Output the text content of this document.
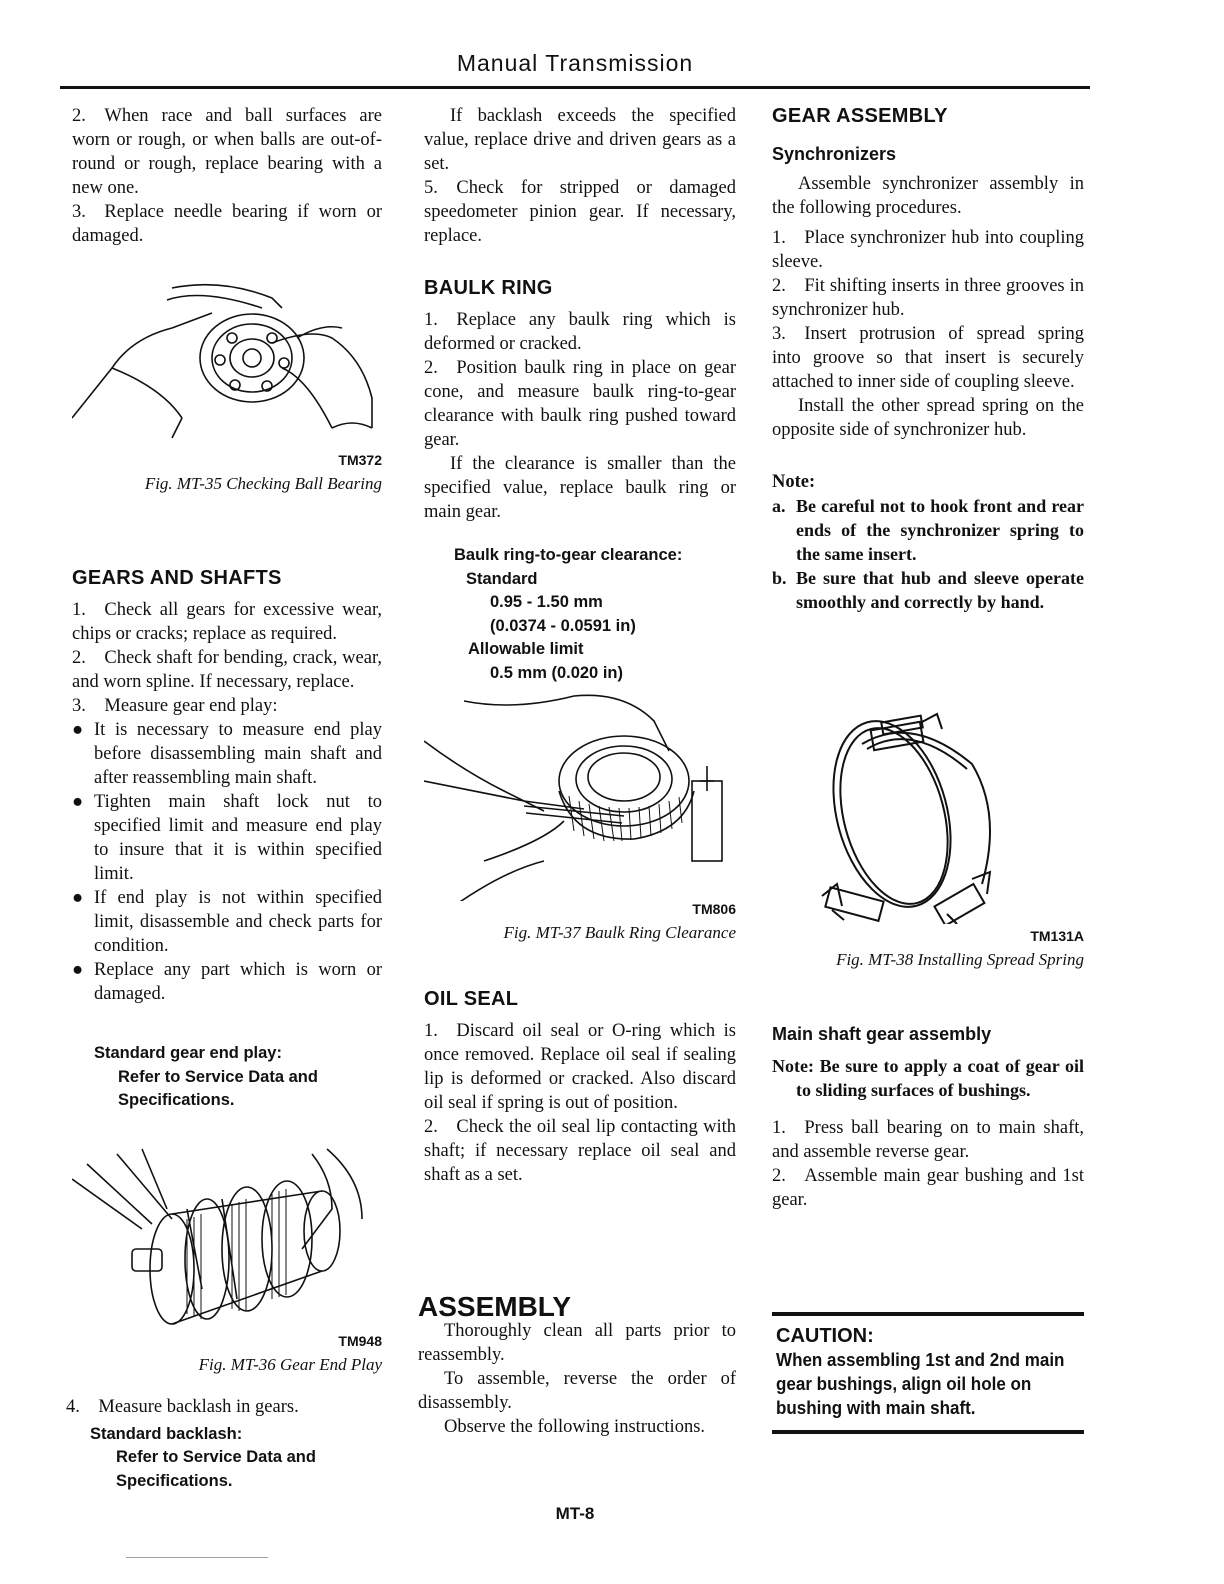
Manual Transmission

2. When race and ball surfaces are worn or rough, or when balls are out-of-round or rough, replace bearing with a new one.

3. Replace needle bearing if worn or damaged.

TM372
Fig. MT-35 Checking Ball Bearing

GEARS AND SHAFTS

1. Check all gears for excessive wear, chips or cracks; replace as required.

2. Check shaft for bending, crack, wear, and worn spline. If necessary, replace.

3. Measure gear end play:

● It is necessary to measure end play before disassembling main shaft and after reassembling main shaft.

● Tighten main shaft lock nut to specified limit and measure end play to insure that it is within specified limit.

● If end play is not within specified limit, disassemble and check parts for condition.

● Replace any part which is worn or damaged.

Standard gear end play:
Refer to Service Data and
Specifications.
TM948
Fig. MT-36 Gear End Play

4. Measure backlash in gears.

Standard backlash:
Refer to Service Data and
Specifications.

If backlash exceeds the specified value, replace drive and driven gears as a set.

5. Check for stripped or damaged speedometer pinion gear. If necessary, replace.

BAULK RING

1. Replace any baulk ring which is deformed or cracked.

2. Position baulk ring in place on gear cone, and measure baulk ring-to-gear clearance with baulk ring pushed toward gear.

If the clearance is smaller than the specified value, replace baulk ring or main gear.

Baulk ring-to-gear clearance:
Standard
0.95 - 1.50 mm
(0.0374 - 0.0591 in)
Allowable limit
0.5 mm (0.020 in)
TM806
Fig. MT-37 Baulk Ring Clearance

OIL SEAL

1. Discard oil seal or O-ring which is once removed. Replace oil seal if sealing lip is deformed or cracked. Also discard oil seal if spring is out of position.

2. Check the oil seal lip contacting with shaft; if necessary replace oil seal and shaft as a set.

ASSEMBLY

Thoroughly clean all parts prior to reassembly.

To assemble, reverse the order of disassembly.

Observe the following instructions.

GEAR ASSEMBLY

Synchronizers

Assemble synchronizer assembly in the following procedures.

1. Place synchronizer hub into coupling sleeve.

2. Fit shifting inserts in three grooves in synchronizer hub.

3. Insert protrusion of spread spring into groove so that insert is securely attached to inner side of coupling sleeve.

Install the other spread spring on the opposite side of synchronizer hub.

Note:

a. Be careful not to hook front and rear ends of the synchronizer spring to the same insert.

b. Be sure that hub and sleeve operate smoothly and correctly by hand.

TM131A
Fig. MT-38 Installing Spread Spring

Main shaft gear assembly

Note: Be sure to apply a coat of gear oil to sliding surfaces of bushings.

1. Press ball bearing on to main shaft, and assemble reverse gear.

2. Assemble main gear bushing and 1st gear.

CAUTION:
When assembling 1st and 2nd main gear bushings, align oil hole on bushing with main shaft.
MT-8
